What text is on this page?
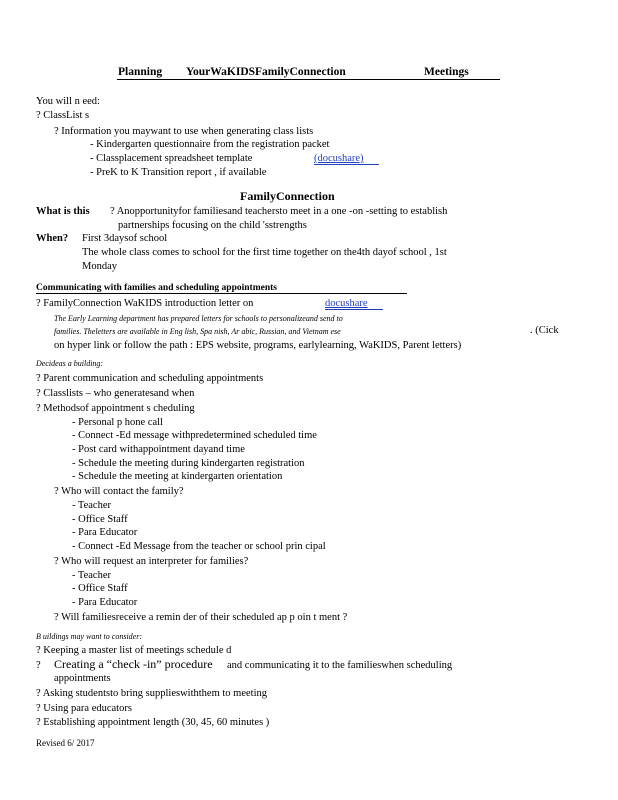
Planning YourWaKIDSFamilyConnection	Meetings
You will n eed:
? ClassList s
? Information you maywant to use when generating class lists
- Kindergarten questionnaire from the registration packet
- Classplacement spreadsheet template	(docushare)
- PreK to K Transition report , if available
FamilyConnection
What is this ? Anopportunityfor familiesand teachersto meet in a one -on -setting to establish
partnerships focusing on the child 'sstrengths
When? First 3daysof school
The whole class comes to school for the first time together on the4th dayof school , 1st
Monday
Communicating with families and scheduling appointments
? FamilyConnection WaKIDS introduction letter on	docushare
The Early Learning department has prepared letters for schools to personalizeand send to
families. Theletters are available in Eng lish, Spa nish, Ar abic, Russian, and Vietnam ese	. (Cick
on hyper link or follow the path : EPS website, programs, earlylearning, WaKIDS, Parent letters)
Decideas a building:
? Parent communication and scheduling appointments
? Classlists – who generatesand when
? Methodsof appointment s cheduling
- Personal p hone call
- Connect -Ed message withpredetermined scheduled time
- Post card withappointment dayand time
- Schedule the meeting during kindergarten registration
- Schedule the meeting at kindergarten orientation
? Who will contact the family?
- Teacher
- Office Staff
- Para Educator
- Connect -Ed Message from the teacher or school prin cipal
? Who will request an interpreter for families?
- Teacher
- Office Staff
- Para Educator
? Will familiesreceive a remin der of their scheduled ap p oin t ment ?
B uildings may want to consider:
? Keeping a master list of meetings schedule d
? Creating a “check -in” procedure and communicating it to the familieswhen scheduling
appointments
? Asking studentsto bring supplieswiththem to meeting
? Using para educators
? Establishing appointment length (30, 45, 60 minutes )
Revised 6/ 2017
